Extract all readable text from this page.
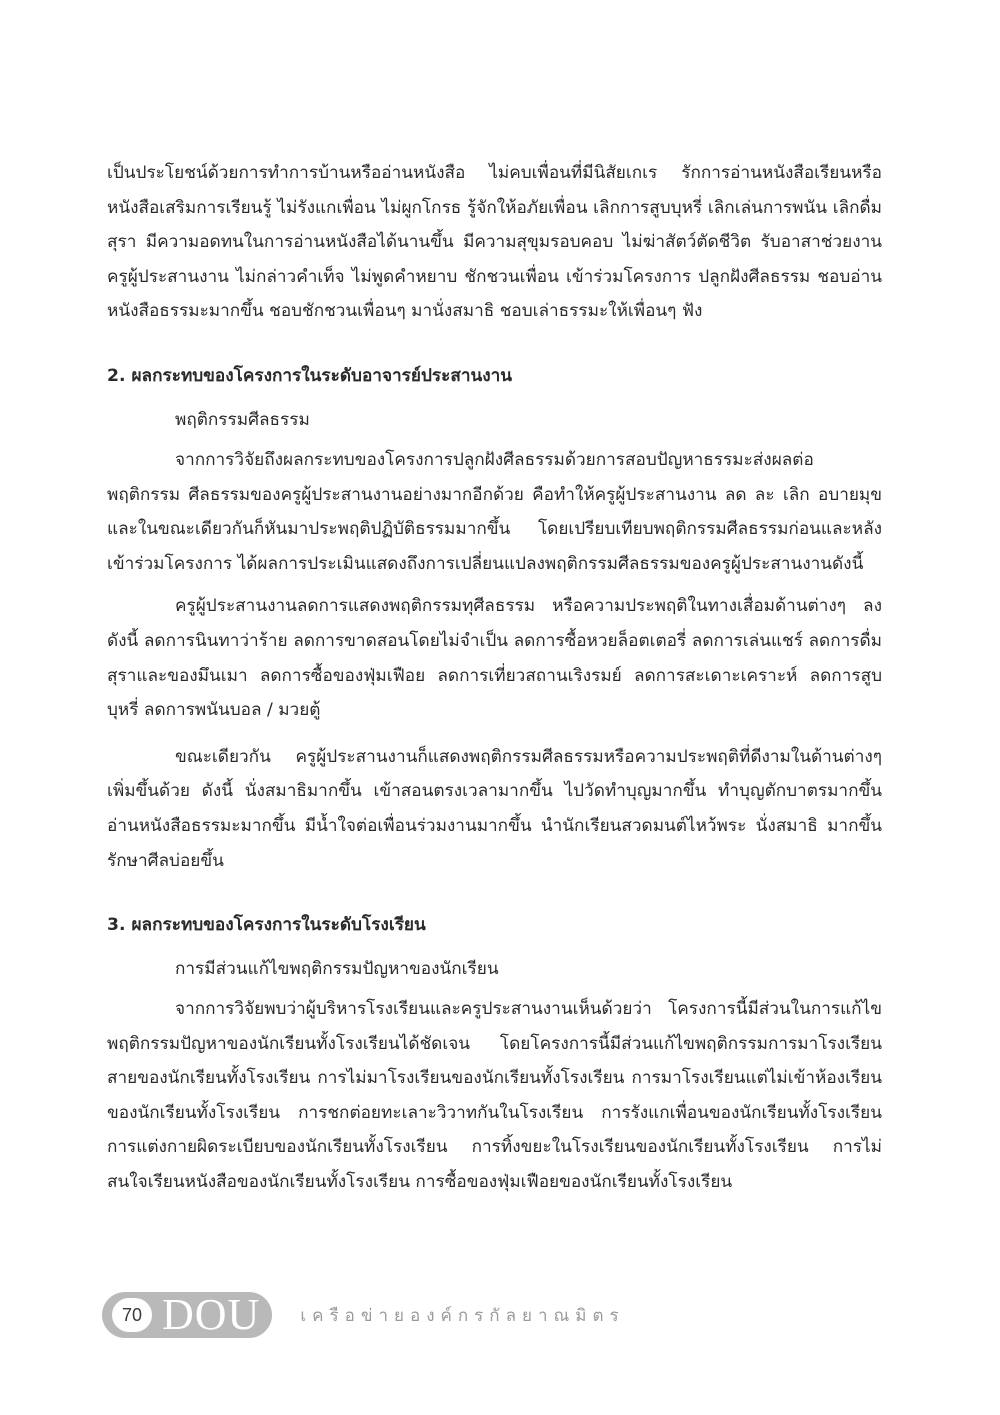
เป็นประโยชน์ด้วยการทำการบ้านหรืออ่านหนังสือ ไม่คบเพื่อนที่มีนิสัยเกเร รักการอ่านหนังสือเรียนหรือหนังสือเสริมการเรียนรู้ ไม่รังแกเพื่อน ไม่ผูกโกรธ รู้จักให้อภัยเพื่อน เลิกการสูบบุหรี่ เลิกเล่นการพนัน เลิกดื่มสุรา มีความอดทนในการอ่านหนังสือได้นานขึ้น มีความสุขุมรอบคอบ ไม่ฆ่าสัตว์ตัดชีวิต รับอาสาช่วยงานครูผู้ประสานงาน ไม่กล่าวคำเท็จ ไม่พูดคำหยาบ ชักชวนเพื่อน เข้าร่วมโครงการ ปลูกฝังศีลธรรม ชอบอ่านหนังสือธรรมะมากขึ้น ชอบชักชวนเพื่อนๆ มานั่งสมาธิ ชอบเล่าธรรมะให้เพื่อนๆ ฟัง

2. ผลกระทบของโครงการในระดับอาจารย์ประสานงาน

พฤติกรรมศีลธรรม

จากการวิจัยถึงผลกระทบของโครงการปลูกฝังศีลธรรมด้วยการสอบปัญหาธรรมะส่งผลต่อพฤติกรรม ศีลธรรมของครูผู้ประสานงานอย่างมากอีกด้วย คือทำให้ครูผู้ประสานงาน ลด ละ เลิก อบายมุข และในขณะเดียวกันก็หันมาประพฤติปฏิบัติธรรมมากขึ้น โดยเปรียบเทียบพฤติกรรมศีลธรรมก่อนและหลังเข้าร่วมโครงการ ได้ผลการประเมินแสดงถึงการเปลี่ยนแปลงพฤติกรรมศีลธรรมของครูผู้ประสานงานดังนี้

ครูผู้ประสานงานลดการแสดงพฤติกรรมทุศีลธรรม หรือความประพฤติในทางเสื่อมด้านต่างๆ ลง ดังนี้ ลดการนินทาว่าร้าย ลดการขาดสอนโดยไม่จำเป็น ลดการซื้อหวยล็อตเตอรี่ ลดการเล่นแชร์ ลดการดื่มสุราและของมึนเมา ลดการซื้อของฟุ่มเฟือย ลดการเที่ยวสถานเริงรมย์ ลดการสะเดาะเคราะห์ ลดการสูบบุหรี่ ลดการพนันบอล / มวยตู้

ขณะเดียวกัน ครูผู้ประสานงานก็แสดงพฤติกรรมศีลธรรมหรือความประพฤติที่ดีงามในด้านต่างๆ เพิ่มขึ้นด้วย ดังนี้ นั่งสมาธิมากขึ้น เข้าสอนตรงเวลามากขึ้น ไปวัดทำบุญมากขึ้น ทำบุญตักบาตรมากขึ้น อ่านหนังสือธรรมะมากขึ้น มีน้ำใจต่อเพื่อนร่วมงานมากขึ้น นำนักเรียนสวดมนต์ไหว้พระ นั่งสมาธิ มากขึ้น รักษาศีลบ่อยขึ้น

3. ผลกระทบของโครงการในระดับโรงเรียน

การมีส่วนแก้ไขพฤติกรรมปัญหาของนักเรียน

จากการวิจัยพบว่าผู้บริหารโรงเรียนและครูประสานงานเห็นด้วยว่า โครงการนี้มีส่วนในการแก้ไขพฤติกรรมปัญหาของนักเรียนทั้งโรงเรียนได้ชัดเจน โดยโครงการนี้มีส่วนแก้ไขพฤติกรรมการมาโรงเรียนสายของนักเรียนทั้งโรงเรียน การไม่มาโรงเรียนของนักเรียนทั้งโรงเรียน การมาโรงเรียนแต่ไม่เข้าห้องเรียนของนักเรียนทั้งโรงเรียน การชกต่อยทะเลาะวิวาทกันในโรงเรียน การรังแกเพื่อนของนักเรียนทั้งโรงเรียน การแต่งกายผิดระเบียบของนักเรียนทั้งโรงเรียน การทิ้งขยะในโรงเรียนของนักเรียนทั้งโรงเรียน การไม่สนใจเรียนหนังสือของนักเรียนทั้งโรงเรียน การซื้อของฟุ่มเฟือยของนักเรียนทั้งโรงเรียน

70 DOU เครือข่ายองค์กรกัลยาณมิตร
